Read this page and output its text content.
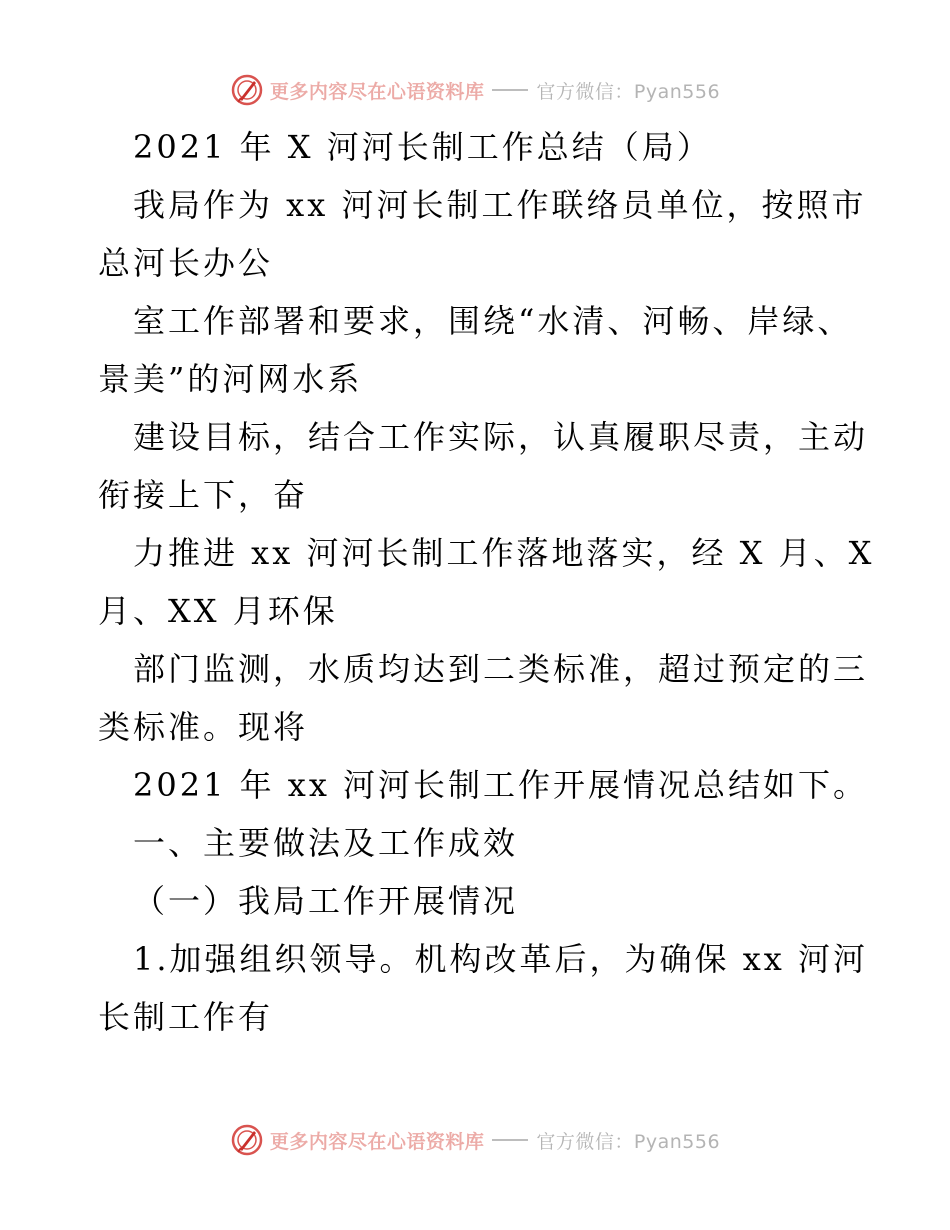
更多内容尽在心语资料库	官方微信：Pyan556
2021 年 X 河河长制工作总结（局）
我局作为 xx 河河长制工作联络员单位，按照市
总河长办公
室工作部署和要求，围绕“水清、河畅、岸绿、
景美”的河网水系
建设目标，结合工作实际，认真履职尽责，主动
衔接上下，奋
力推进 xx 河河长制工作落地落实，经 X 月、X
月、XX 月环保
部门监测，水质均达到二类标准，超过预定的三
类标准。现将
2021 年 xx 河河长制工作开展情况总结如下。
一、主要做法及工作成效
（一）我局工作开展情况
1.加强组织领导。机构改革后，为确保 xx 河河
长制工作有
更多内容尽在心语资料库	官方微信：Pyan556
